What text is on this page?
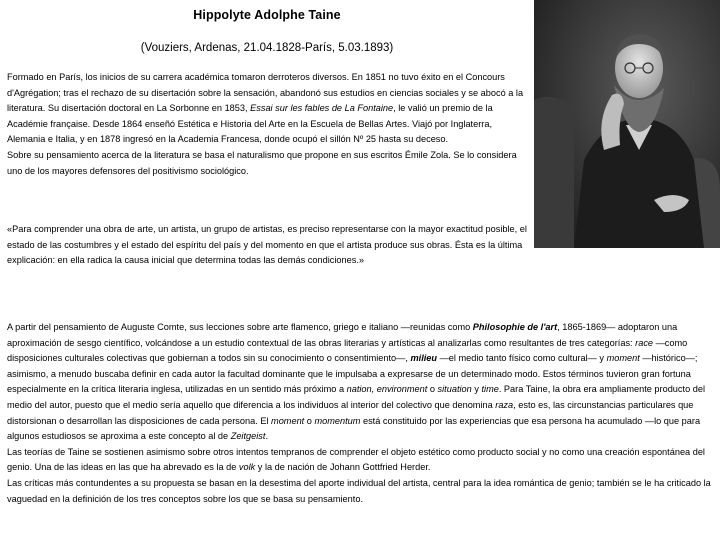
Hippolyte Adolphe Taine
(Vouziers, Ardenas, 21.04.1828-París, 5.03.1893)

Formado en París, los inicios de su carrera académica tomaron derroteros diversos. En 1851 no tuvo éxito en el Concours d'Agrégation; tras el rechazo de su disertación sobre la sensación, abandonó sus estudios en ciencias sociales y se abocó a la literatura. Su disertación doctoral en La Sorbonne en 1853, Essai sur les fables de La Fontaine, le valió un premio de la Académie française. Desde 1864 enseñó Estética e Historia del Arte en la Escuela de Bellas Artes. Viajó por Inglaterra, Alemania e Italia, y en 1878 ingresó en la Academia Francesa, donde ocupó el sillón Nº 25 hasta su deceso.

Sobre su pensamiento acerca de la literatura se basa el naturalismo que propone en sus escritos Émile Zola. Se lo considera uno de los mayores defensores del positivismo sociológico.

«Para comprender una obra de arte, un artista, un grupo de artistas, es preciso representarse con la mayor exactitud posible, el estado de las costumbres y el estado del espíritu del país y del momento en que el artista produce sus obras. Ésta es la última explicación: en ella radica la causa inicial que determina todas las demás condiciones.»

A partir del pensamiento de Auguste Comte, sus lecciones sobre arte flamenco, griego e italiano —reunidas como Philosophie de l'art, 1865-1869— adoptaron una aproximación de sesgo científico, volcándose a un estudio contextual de las obras literarias y artísticas al analizarlas como resultantes de tres categorías: race —como disposiciones culturales colectivas que gobiernan a todos sin su conocimiento o consentimiento—, milieu —el medio tanto físico como cultural— y moment —histórico—; asimismo, a menudo buscaba definir en cada autor la facultad dominante que le impulsaba a expresarse de un determinado modo. Estos términos tuvieron gran fortuna especialmente en la crítica literaria inglesa, utilizadas en un sentido más próximo a nation, environment o situation y time. Para Taine, la obra era ampliamente producto del medio del autor, puesto que el medio sería aquello que diferencia a los individuos al interior del colectivo que denomina raza, esto es, las circunstancias particulares que distorsionan o desarrollan las disposiciones de cada persona. El moment o momentum está constituido por las experiencias que esa persona ha acumulado —lo que para algunos estudiosos se aproxima a este concepto al de Zeitgeist.

Las teorías de Taine se sostienen asimismo sobre otros intentos tempranos de comprender el objeto estético como producto social y no como una creación espontánea del genio. Una de las ideas en las que ha abrevado es la de volk y la de nación de Johann Gottfried Herder.

Las críticas más contundentes a su propuesta se basan en la desestima del aporte individual del artista, central para la idea romántica de genio; también se le ha criticado la vaguedad en la definición de los tres conceptos sobre los que se basa su pensamiento.
